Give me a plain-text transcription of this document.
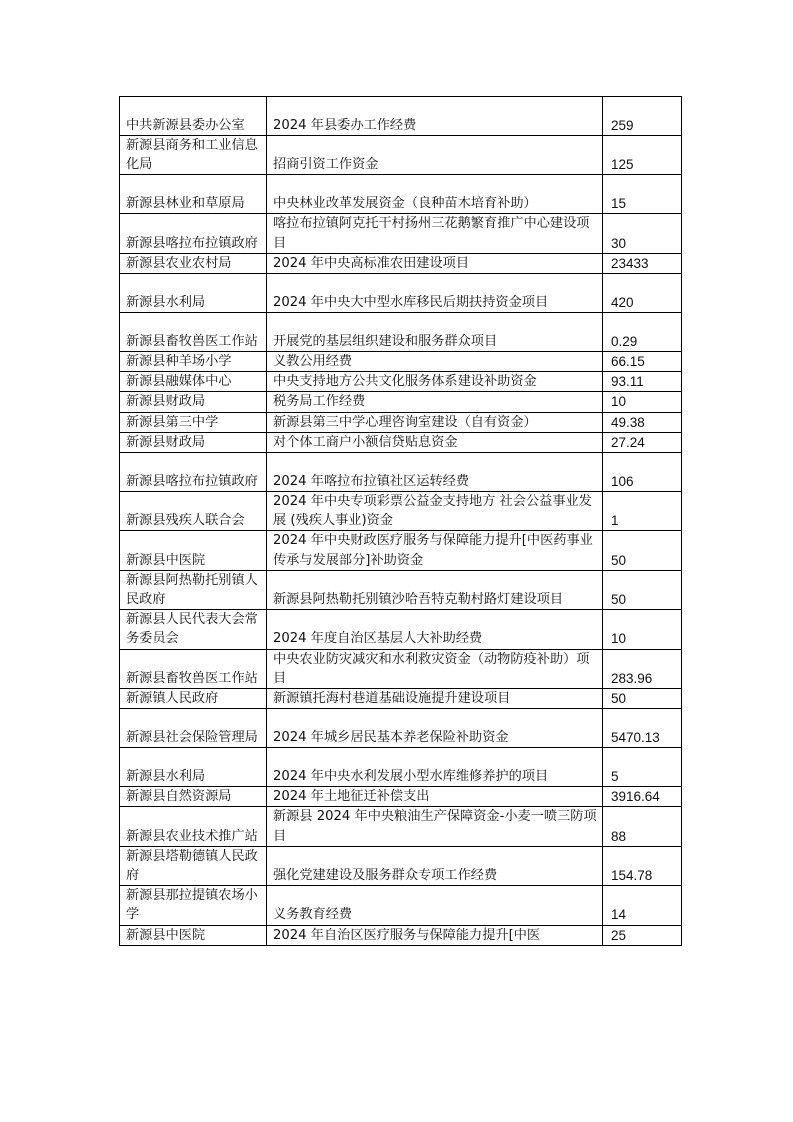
中共新源县委办公室	2024 年县委办工作经费	259
新源县商务和工业信息化局	招商引资工作资金	125
新源县林业和草原局	中央林业改革发展资金（良种苗木培育补助）	15
新源县喀拉布拉镇政府	喀拉布拉镇阿克托干村扬州三花鹅繁育推广中心建设项目	30
新源县农业农村局	2024 年中央高标准农田建设项目	23433
新源县水利局	2024 年中央大中型水库移民后期扶持资金项目	420
新源县畜牧兽医工作站	开展党的基层组织建设和服务群众项目	0.29
新源县种羊场小学	义教公用经费	66.15
新源县融媒体中心	中央支持地方公共文化服务体系建设补助资金	93.11
新源县财政局	税务局工作经费	10
新源县第三中学	新源县第三中学心理咨询室建设（自有资金）	49.38
新源县财政局	对个体工商户小额信贷贴息资金	27.24
新源县喀拉布拉镇政府	2024 年喀拉布拉镇社区运转经费	106
新源县残疾人联合会	2024 年中央专项彩票公益金支持地方 社会公益事业发展 (残疾人事业)资金	1
新源县中医院	2024 年中央财政医疗服务与保障能力提升[中医药事业传承与发展部分]补助资金	50
新源县阿热勒托别镇人民政府	新源县阿热勒托别镇沙哈吾特克勒村路灯建设项目	50
新源县人民代表大会常务委员会	2024 年度自治区基层人大补助经费	10
新源县畜牧兽医工作站	中央农业防灾减灾和水利救灾资金（动物防疫补助）项目	283.96
新源镇人民政府	新源镇托海村巷道基础设施提升建设项目	50
新源县社会保险管理局	2024 年城乡居民基本养老保险补助资金	5470.13
新源县水利局	2024 年中央水利发展小型水库维修养护的项目	5
新源县自然资源局	2024 年土地征迁补偿支出	3916.64
新源县农业技术推广站	新源县 2024 年中央粮油生产保障资金-小麦一喷三防项目	88
新源县塔勒德镇人民政府	强化党建建设及服务群众专项工作经费	154.78
新源县那拉提镇农场小学	义务教育经费	14
新源县中医院	2024 年自治区医疗服务与保障能力提升[中医	25
